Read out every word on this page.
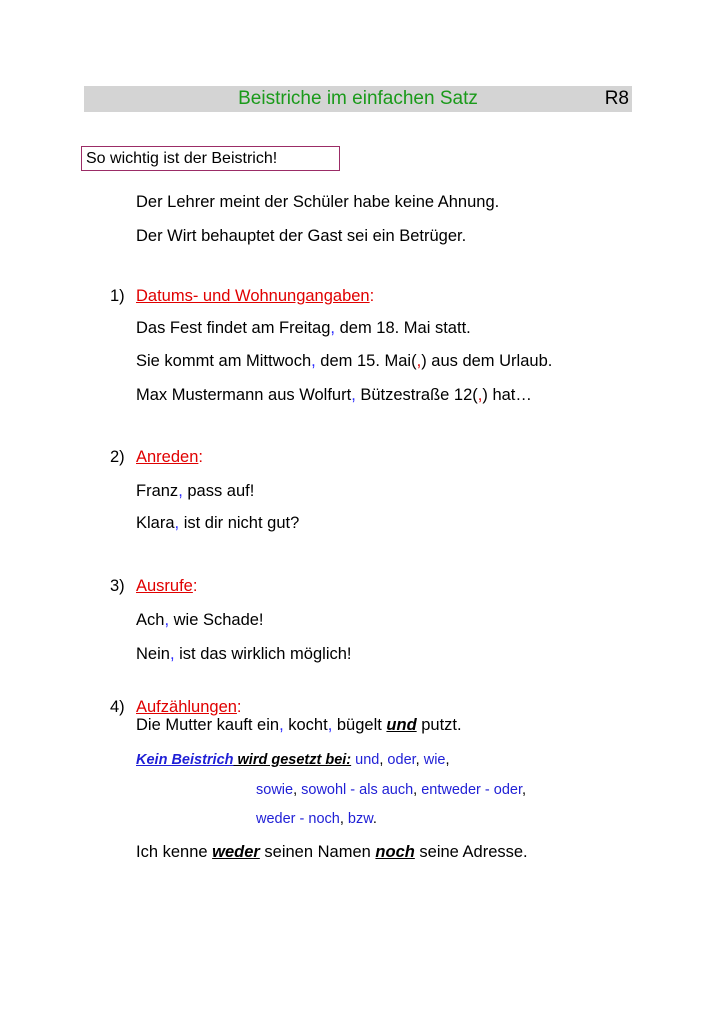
Beistriche im einfachen Satz	R8
So wichtig ist der Beistrich!
Der Lehrer meint der Schüler habe keine Ahnung.
Der Wirt behauptet der Gast sei ein Betrüger.
1) Datums- und Wohnungangaben:
Das Fest findet am Freitag, dem 18. Mai statt.
Sie kommt am Mittwoch, dem 15. Mai(,) aus dem Urlaub.
Max Mustermann aus Wolfurt, Bützestraße 12(,) hat…
2) Anreden:
Franz, pass auf!
Klara, ist dir nicht gut?
3) Ausrufe:
Ach, wie Schade!
Nein, ist das wirklich möglich!
4) Aufzählungen:
Die Mutter kauft ein, kocht, bügelt und putzt.
Kein Beistrich wird gesetzt bei: und, oder, wie,
sowie, sowohl - als auch, entweder - oder,
weder - noch, bzw.
Ich kenne weder seinen Namen noch seine Adresse.
